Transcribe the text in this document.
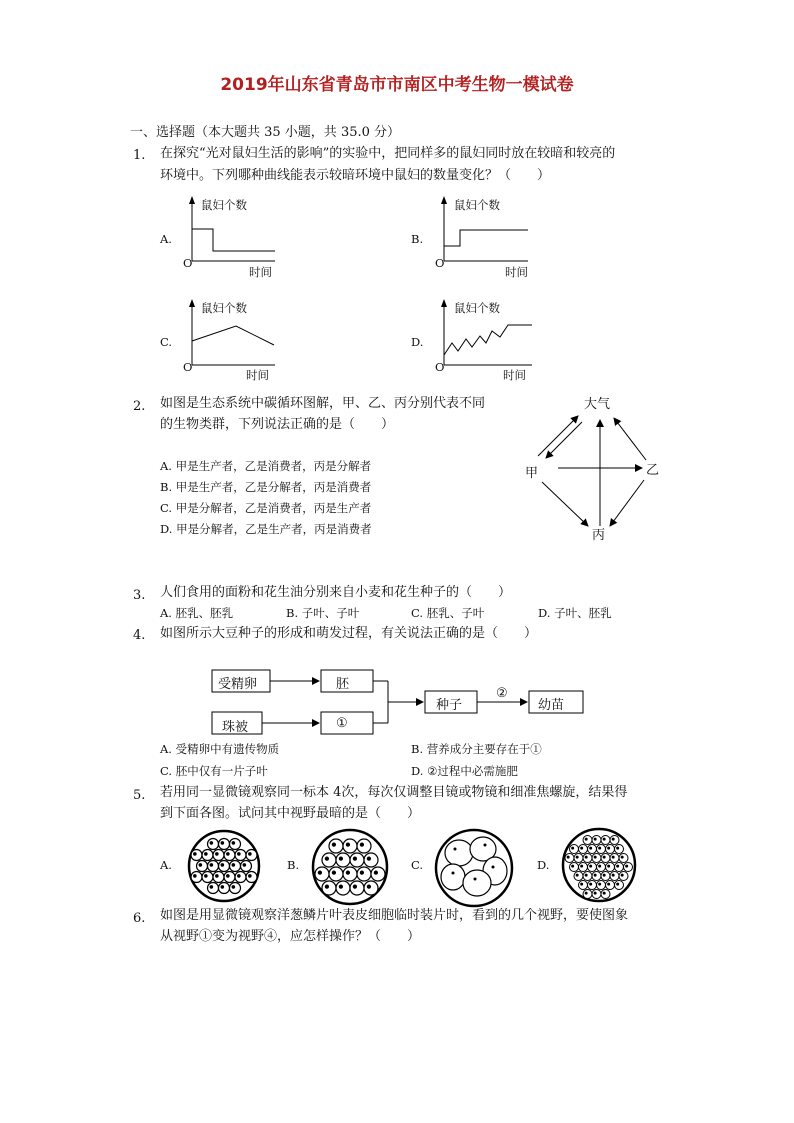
2019年山东省青岛市市南区中考生物一模试卷
一、选择题（本大题共 35 小题，共 35.0 分）
1. 在探究“光对鼠妇生活的影响”的实验中，把同样多的鼠妇同时放在较暗和较亮的
环境中。下列哪种曲线能表示较暗环境中鼠妇的数量变化？（　　）
A.
鼠妇个数
O
时间
B.
鼠妇个数
O
时间
C.
鼠妇个数
O
时间
D.
鼠妇个数
O
时间
2. 如图是生态系统中碳循环图解，甲、乙、丙分别代表不同
的生物类群，下列说法正确的是（　　）
A. 甲是生产者，乙是消费者，丙是分解者
B. 甲是生产者，乙是分解者，丙是消费者
C. 甲是分解者，乙是消费者，丙是生产者
D. 甲是分解者，乙是生产者，丙是消费者
大气
甲	乙
丙
3. 人们食用的面粉和花生油分别来自小麦和花生种子的（　　）
A. 胚乳、胚乳	B. 子叶、子叶	C. 胚乳、子叶	D. 子叶、胚乳
4. 如图所示大豆种子的形成和萌发过程，有关说法正确的是（　　）
受精卵	胚
珠被	①
种子
②
幼苗
A. 受精卵中有遗传物质	B. 营养成分主要存在于①
C. 胚中仅有一片子叶	D. ②过程中必需施肥
5. 若用同一显微镜观察同一标本 4次，每次仅调整目镜或物镜和细准焦螺旋，结果得
到下面各图。试问其中视野最暗的是（　　）
A.	B.	C.	D.
6. 如图是用显微镜观察洋葱鳞片叶表皮细胞临时装片时，看到的几个视野，要使图象
从视野①变为视野④，应怎样操作？（　　）
